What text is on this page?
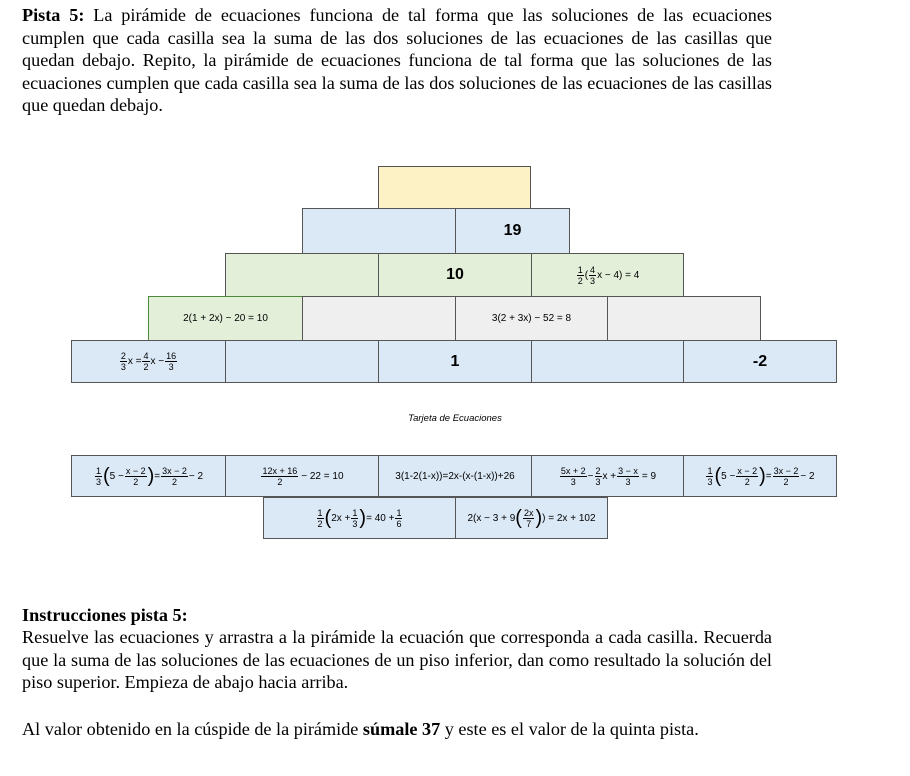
Pista 5: La pirámide de ecuaciones funciona de tal forma que las soluciones de las ecuaciones cumplen que cada casilla sea la suma de las dos soluciones de las ecuaciones de las casillas que quedan debajo. Repito, la pirámide de ecuaciones funciona de tal forma que las soluciones de las ecuaciones cumplen que cada casilla sea la suma de las dos soluciones de las ecuaciones de las casillas que quedan debajo.
19
10	$\frac{1}{2}$ ( $\frac{4}{3}$ x − 4) = 4
2(1 + 2x) − 20 = 10	3(2 + 3x) − 52 = 8
$\frac{2}{3}$ $x = \frac{4}{2}$ $x - \frac{16}{3}$	1	-2
Tarjeta de Ecuaciones
$\frac{1}{3}$ ( $5 - \frac{x - 2}{2}$ ) = $\frac{3x - 2}{2} - 2$	$\frac{12x + 16}{2} - 22 = 10$	3(1-2(1-x))=2x-(x-(1-x))+26	$\frac{5x + 2}{3} - \frac{2}{3}$ $x + \frac{3 - x}{3} = 9$	$\frac{1}{3}$ ( $5 - \frac{x - 2}{2}$ ) = $\frac{3x - 2}{2} - 2$
$\frac{1}{2}$ ( $2x + \frac{1}{3}$ ) = $40 + \frac{1}{6}$	2(x − 3 + 9 ( $\frac{2x}{7}$ ) ) = 2x + 102
Instrucciones pista 5:
Resuelve las ecuaciones y arrastra a la pirámide la ecuación que corresponda a cada casilla. Recuerda que la suma de las soluciones de las ecuaciones de un piso inferior, dan como resultado la solución del piso superior. Empieza de abajo hacia arriba.
Al valor obtenido en la cúspide de la pirámide súmale 37 y este es el valor de la quinta pista.
